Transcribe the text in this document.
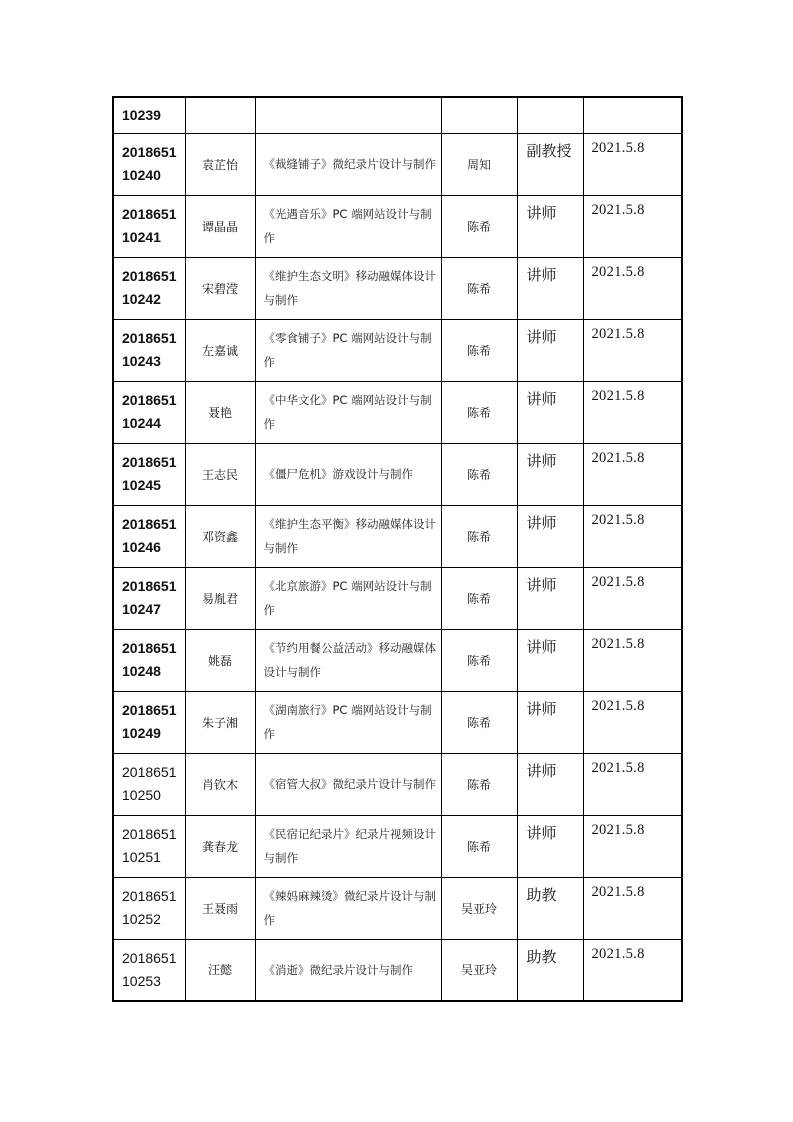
10239					
2018651 10240	袁芷怡	《裁缝铺子》微纪录片设计与制作	周知	副教授	2021.5.8
2018651 10241	谭晶晶	《光遇音乐》PC 端网站设计与制作	陈希	讲师	2021.5.8
2018651 10242	宋碧滢	《维护生态文明》移动融媒体设计与制作	陈希	讲师	2021.5.8
2018651 10243	左嘉诚	《零食铺子》PC 端网站设计与制作	陈希	讲师	2021.5.8
2018651 10244	聂艳	《中华文化》PC 端网站设计与制作	陈希	讲师	2021.5.8
2018651 10245	王志民	《僵尸危机》游戏设计与制作	陈希	讲师	2021.5.8
2018651 10246	邓资鑫	《维护生态平衡》移动融媒体设计与制作	陈希	讲师	2021.5.8
2018651 10247	易胤君	《北京旅游》PC 端网站设计与制作	陈希	讲师	2021.5.8
2018651 10248	姚磊	《节约用餐公益活动》移动融媒体设计与制作	陈希	讲师	2021.5.8
2018651 10249	朱子湘	《湖南旅行》PC 端网站设计与制作	陈希	讲师	2021.5.8
2018651 10250	肖钦木	《宿管大叔》微纪录片设计与制作	陈希	讲师	2021.5.8
2018651 10251	龚春龙	《民宿记纪录片》纪录片视频设计与制作	陈希	讲师	2021.5.8
2018651 10252	王聂雨	《辣妈麻辣烫》微纪录片设计与制作	吴亚玲	助教	2021.5.8
2018651 10253	汪懿	《消逝》微纪录片设计与制作	吴亚玲	助教	2021.5.8
